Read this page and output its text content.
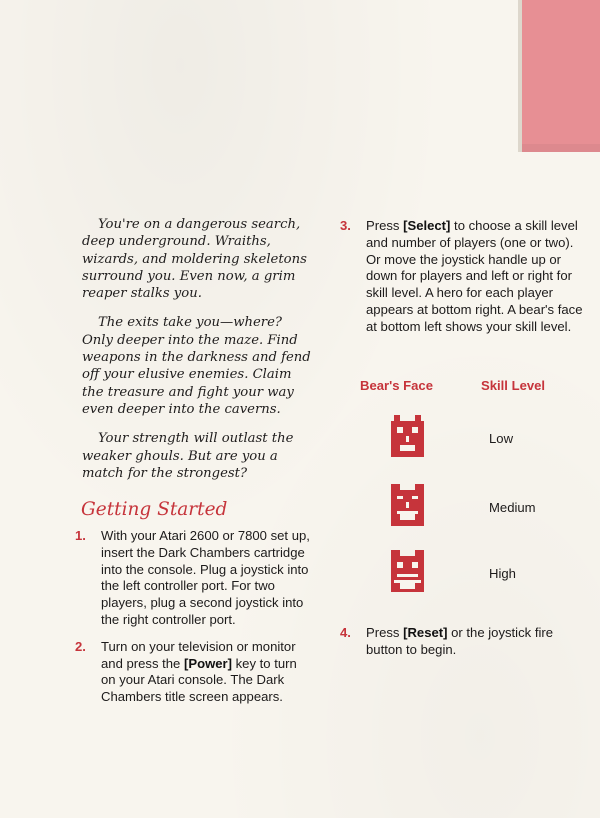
You're on a dangerous search, deep underground. Wraiths, wizards, and moldering skeletons surround you. Even now, a grim reaper stalks you.

The exits take you—where? Only deeper into the maze. Find weapons in the darkness and fend off your elusive enemies. Claim the treasure and fight your way even deeper into the caverns.

Your strength will outlast the weaker ghouls. But are you a match for the strongest?

Getting Started
1.	With your Atari 2600 or 7800 set up, insert the Dark Chambers cartridge into the console. Plug a joystick into the left controller port. For two players, plug a second joystick into the right controller port.
2.	Turn on your television or monitor and press the [Power] key to turn on your Atari console. The Dark Chambers title screen appears.
3.	Press [Select] to choose a skill level and number of players (one or two). Or move the joystick handle up or down for players and left or right for skill level. A hero for each player appears at bottom right. A bear's face at bottom left shows your skill level.

Bear's Face	Skill Level

Low
Medium
High
4.	Press [Reset] or the joystick fire button to begin.
